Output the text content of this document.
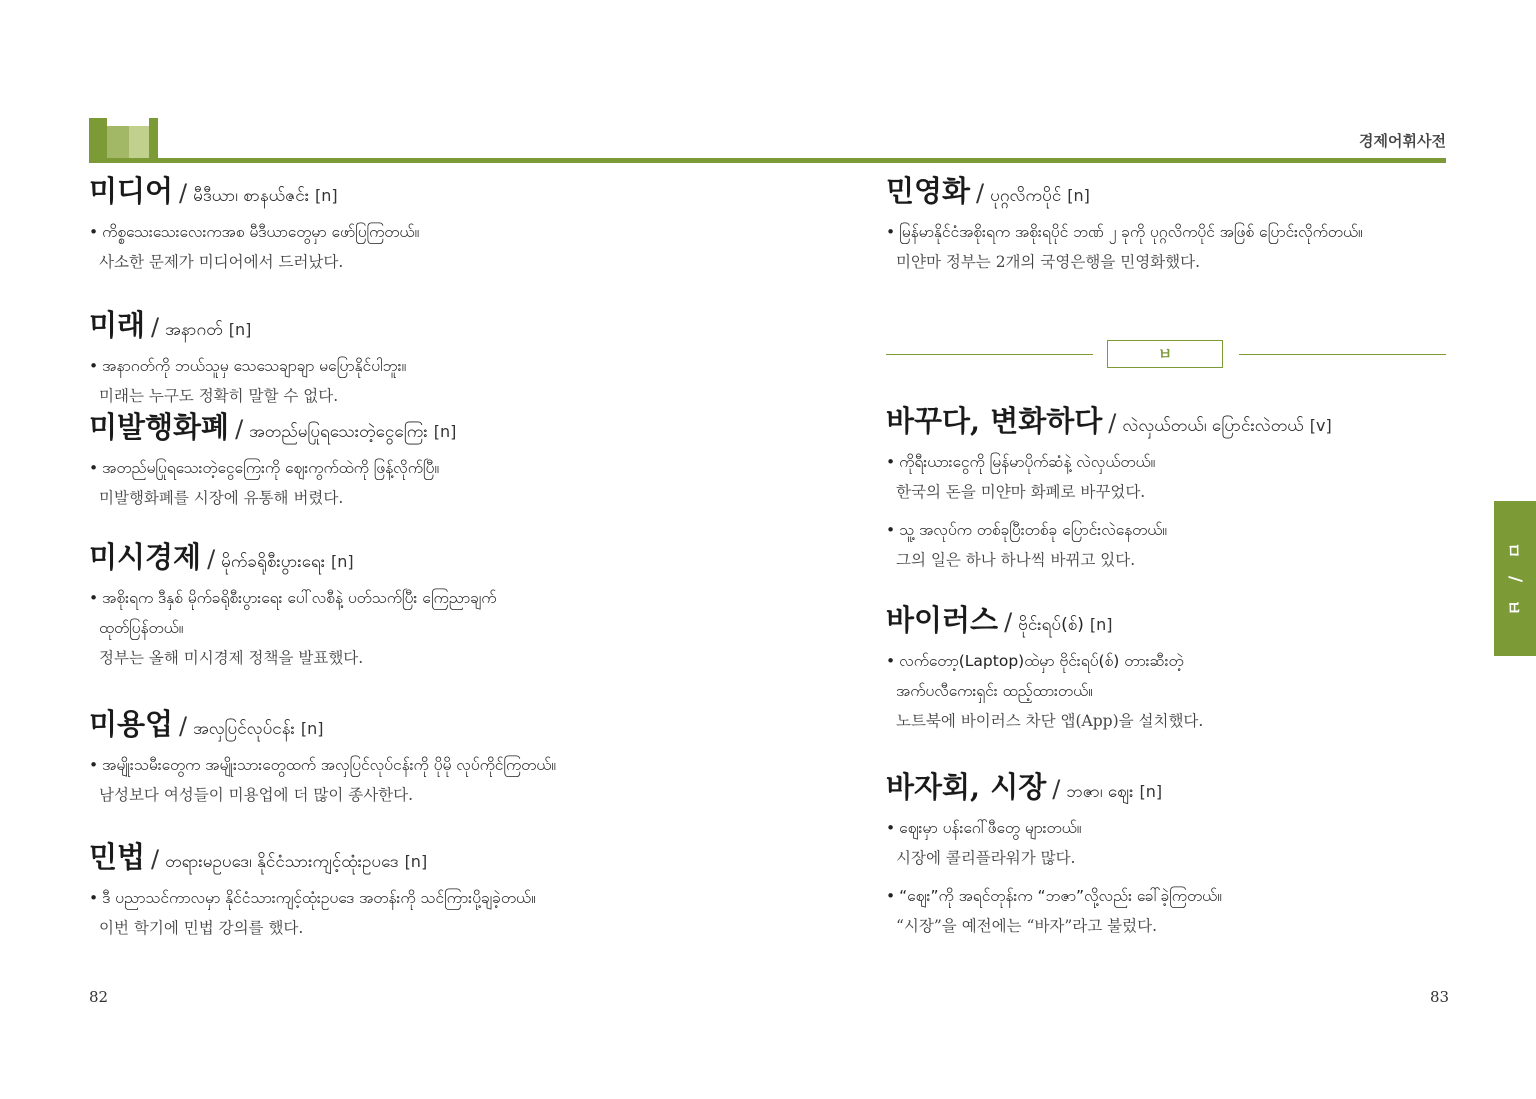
경제어휘사전
미디어 / မီဒီယာ၊ စာနယ်ဇင်း [n]
• ကိစ္စသေးသေးလေးကအစ မီဒီယာတွေမှာ ဖော်ပြကြတယ်။
사소한 문제가 미디어에서 드러났다.
미래 / အနာဂတ် [n]
• အနာဂတ်ကို ဘယ်သူမှ သေသေချာချာ မပြောနိုင်ပါဘူး။
미래는 누구도 정확히 말할 수 없다.
미발행화폐 / အတည်မပြုရသေးတဲ့ငွေကြေး [n]
• အတည်မပြုရသေးတဲ့ငွေကြေးကို ဈေးကွက်ထဲကို ဖြန့်လိုက်ပြီ။
미발행화폐를 시장에 유통해 버렸다.
미시경제 / မိုက်ခရိုစီးပွားရေး [n]
• အစိုးရက ဒီနှစ် မိုက်ခရိုစီးပွားရေး ပေါ်လစီနဲ့ ပတ်သက်ပြီး ကြေညာချက်
ထုတ်ပြန်တယ်။
정부는 올해 미시경제 정책을 발표했다.
미용업 / အလှပြင်လုပ်ငန်း [n]
• အမျိုးသမီးတွေက အမျိုးသားတွေထက် အလှပြင်လုပ်ငန်းကို ပိုမို လုပ်ကိုင်ကြတယ်။
남성보다 여성들이 미용업에 더 많이 종사한다.
민법 / တရားမဥပဒေ၊ နိုင်ငံသားကျင့်ထုံးဥပဒေ [n]
• ဒီ ပညာသင်ကာလမှာ နိုင်ငံသားကျင့်ထုံးဥပဒေ အတန်းကို သင်ကြားပို့ချခဲ့တယ်။
이번 학기에 민법 강의를 했다.
민영화 / ပုဂ္ဂလိကပိုင် [n]
• မြန်မာနိုင်ငံအစိုးရက အစိုးရပိုင် ဘဏ် ၂ ခုကို ပုဂ္ဂလိကပိုင် အဖြစ် ပြောင်းလိုက်တယ်။
미얀마 정부는 2개의 국영은행을 민영화했다.
바꾸다, 변화하다 / လဲလှယ်တယ်၊ ပြောင်းလဲတယ် [v]
• ကိုရီးယားငွေကို မြန်မာပိုက်ဆံနဲ့ လဲလှယ်တယ်။
한국의 돈을 미얀마 화폐로 바꾸었다.
• သူ့ အလုပ်က တစ်ခုပြီးတစ်ခု ပြောင်းလဲနေတယ်။
그의 일은 하나 하나씩 바뀌고 있다.
바이러스 / ဗိုင်းရပ်(စ်) [n]
• လက်တော့(Laptop)ထဲမှာ ဗိုင်းရပ်(စ်) တားဆီးတဲ့
အက်ပလီကေးရှင်း ထည့်ထားတယ်။
노트북에 바이러스 차단 앱(App)을 설치했다.
바자회, 시장 / ဘဇာ၊ ဈေး [n]
• ဈေးမှာ ပန်းဂေါ်ဖီတွေ များတယ်။
시장에 콜리플라워가 많다.
• “ဈေး”ကို အရင်တုန်းက “ဘဇာ”လို့လည်း ခေါ်ခဲ့ကြတယ်။
“시장”을 예전에는 “바자”라고 불렀다.
ㅂ
ㅁ
/
ㅂ
82	83
